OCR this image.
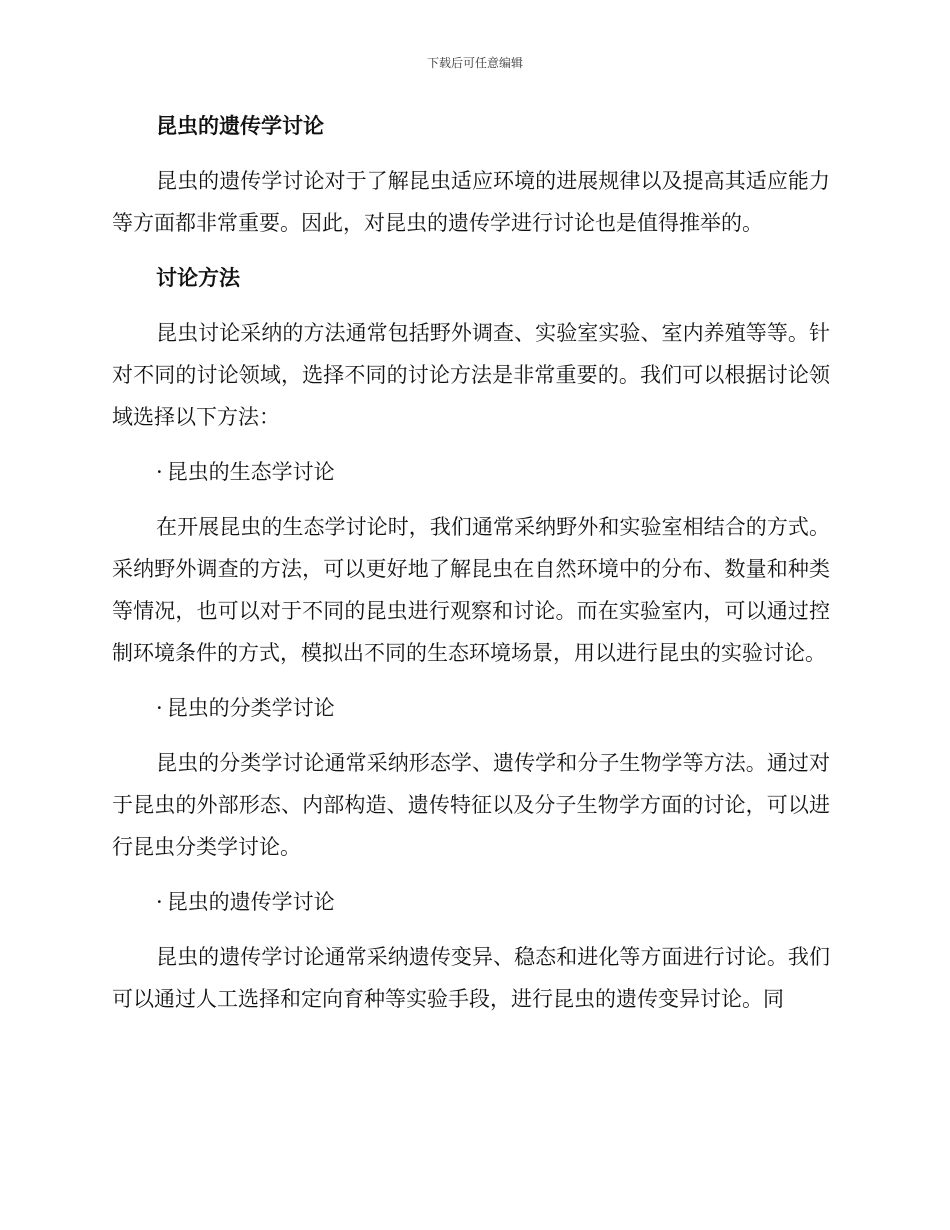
下载后可任意编辑
昆虫的遗传学讨论

昆虫的遗传学讨论对于了解昆虫适应环境的进展规律以及提高其适应能力等方面都非常重要。因此，对昆虫的遗传学进行讨论也是值得推举的。

讨论方法

昆虫讨论采纳的方法通常包括野外调查、实验室实验、室内养殖等等。针对不同的讨论领域，选择不同的讨论方法是非常重要的。我们可以根据讨论领域选择以下方法：

· 昆虫的生态学讨论

在开展昆虫的生态学讨论时，我们通常采纳野外和实验室相结合的方式。采纳野外调查的方法，可以更好地了解昆虫在自然环境中的分布、数量和种类等情况，也可以对于不同的昆虫进行观察和讨论。而在实验室内，可以通过控制环境条件的方式，模拟出不同的生态环境场景，用以进行昆虫的实验讨论。

· 昆虫的分类学讨论

昆虫的分类学讨论通常采纳形态学、遗传学和分子生物学等方法。通过对于昆虫的外部形态、内部构造、遗传特征以及分子生物学方面的讨论，可以进行昆虫分类学讨论。

· 昆虫的遗传学讨论

昆虫的遗传学讨论通常采纳遗传变异、稳态和进化等方面进行讨论。我们可以通过人工选择和定向育种等实验手段，进行昆虫的遗传变异讨论。同
